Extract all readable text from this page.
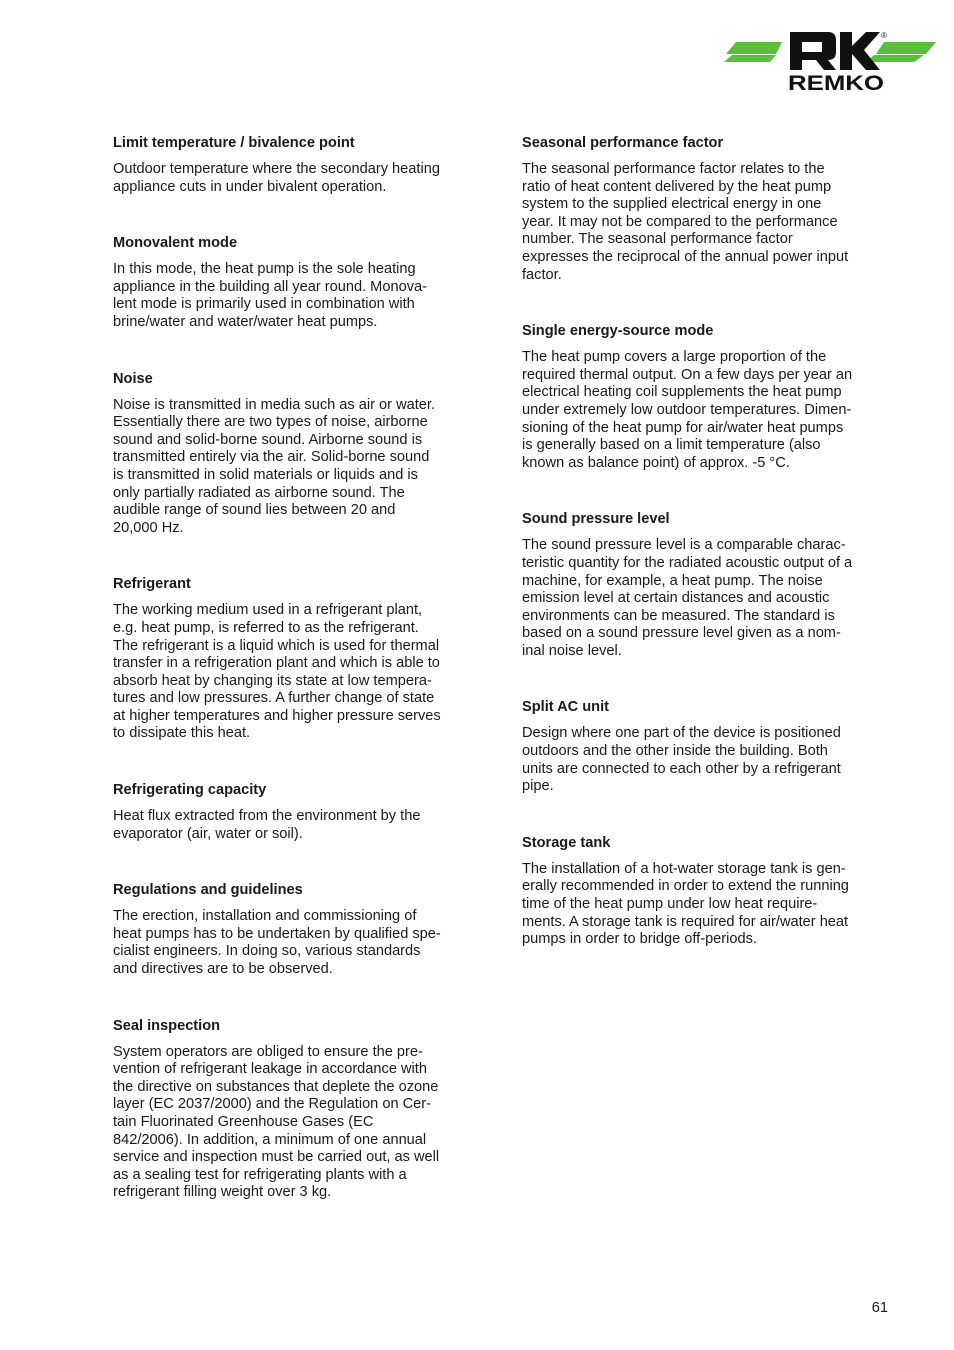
REMKO
®
Limit temperature / bivalence point

Outdoor temperature where the secondary heating
appliance cuts in under bivalent operation.

Monovalent mode

In this mode, the heat pump is the sole heating
appliance in the building all year round. Monova-
lent mode is primarily used in combination with
brine/water and water/water heat pumps.

Noise

Noise is transmitted in media such as air or water.
Essentially there are two types of noise, airborne
sound and solid-borne sound. Airborne sound is
transmitted entirely via the air. Solid-borne sound
is transmitted in solid materials or liquids and is
only partially radiated as airborne sound. The
audible range of sound lies between 20 and
20,000 Hz.

Refrigerant

The working medium used in a refrigerant plant,
e.g. heat pump, is referred to as the refrigerant.
The refrigerant is a liquid which is used for thermal
transfer in a refrigeration plant and which is able to
absorb heat by changing its state at low tempera-
tures and low pressures. A further change of state
at higher temperatures and higher pressure serves
to dissipate this heat.

Refrigerating capacity

Heat flux extracted from the environment by the
evaporator (air, water or soil).

Regulations and guidelines

The erection, installation and commissioning of
heat pumps has to be undertaken by qualified spe-
cialist engineers. In doing so, various standards
and directives are to be observed.

Seal inspection

System operators are obliged to ensure the pre-
vention of refrigerant leakage in accordance with
the directive on substances that deplete the ozone
layer (EC 2037/2000) and the Regulation on Cer-
tain Fluorinated Greenhouse Gases (EC
842/2006). In addition, a minimum of one annual
service and inspection must be carried out, as well
as a sealing test for refrigerating plants with a
refrigerant filling weight over 3 kg.

Seasonal performance factor

The seasonal performance factor relates to the
ratio of heat content delivered by the heat pump
system to the supplied electrical energy in one
year. It may not be compared to the performance
number. The seasonal performance factor
expresses the reciprocal of the annual power input
factor.

Single energy-source mode

The heat pump covers a large proportion of the
required thermal output. On a few days per year an
electrical heating coil supplements the heat pump
under extremely low outdoor temperatures. Dimen-
sioning of the heat pump for air/water heat pumps
is generally based on a limit temperature (also
known as balance point) of approx. -5 °C.

Sound pressure level

The sound pressure level is a comparable charac-
teristic quantity for the radiated acoustic output of a
machine, for example, a heat pump. The noise
emission level at certain distances and acoustic
environments can be measured. The standard is
based on a sound pressure level given as a nom-
inal noise level.

Split AC unit

Design where one part of the device is positioned
outdoors and the other inside the building. Both
units are connected to each other by a refrigerant
pipe.

Storage tank

The installation of a hot-water storage tank is gen-
erally recommended in order to extend the running
time of the heat pump under low heat require-
ments. A storage tank is required for air/water heat
pumps in order to bridge off-periods.

61
